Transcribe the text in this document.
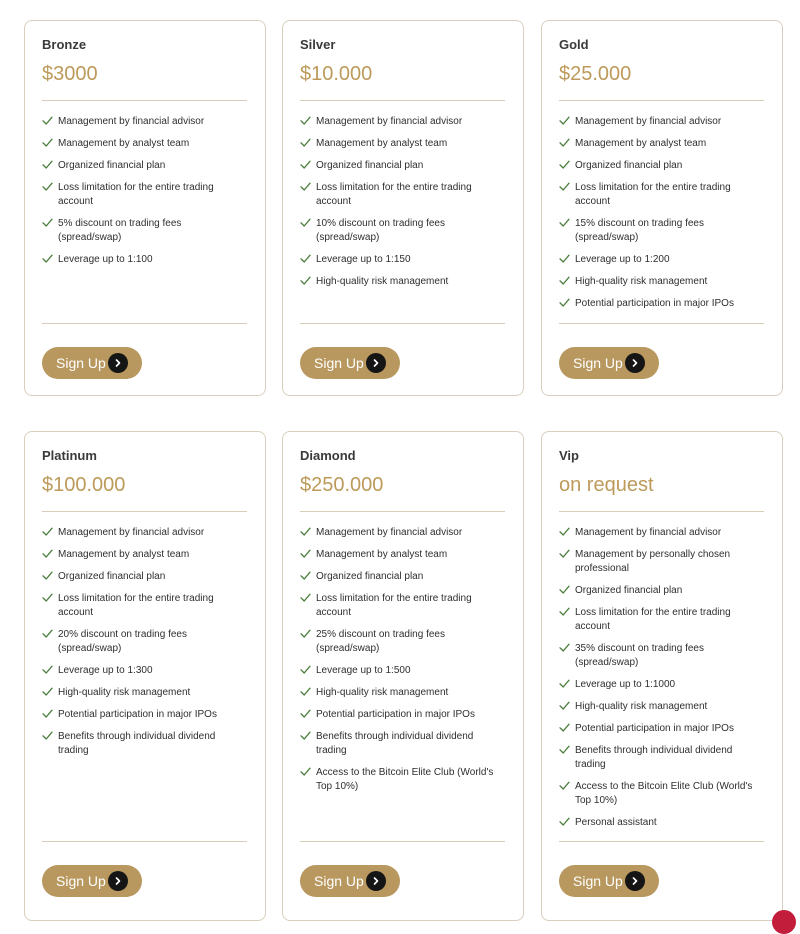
Bronze
$3000
Management by financial advisor
Management by analyst team
Organized financial plan
Loss limitation for the entire trading account
5% discount on trading fees (spread/swap)
Leverage up to 1:100
Sign Up
Silver
$10.000
Management by financial advisor
Management by analyst team
Organized financial plan
Loss limitation for the entire trading account
10% discount on trading fees (spread/swap)
Leverage up to 1:150
High-quality risk management
Sign Up
Gold
$25.000
Management by financial advisor
Management by analyst team
Organized financial plan
Loss limitation for the entire trading account
15% discount on trading fees (spread/swap)
Leverage up to 1:200
High-quality risk management
Potential participation in major IPOs
Sign Up
Platinum
$100.000
Management by financial advisor
Management by analyst team
Organized financial plan
Loss limitation for the entire trading account
20% discount on trading fees (spread/swap)
Leverage up to 1:300
High-quality risk management
Potential participation in major IPOs
Benefits through individual dividend trading
Sign Up
Diamond
$250.000
Management by financial advisor
Management by analyst team
Organized financial plan
Loss limitation for the entire trading account
25% discount on trading fees (spread/swap)
Leverage up to 1:500
High-quality risk management
Potential participation in major IPOs
Benefits through individual dividend trading
Access to the Bitcoin Elite Club (World's Top 10%)
Sign Up
Vip
on request
Management by financial advisor
Management by personally chosen professional
Organized financial plan
Loss limitation for the entire trading account
35% discount on trading fees (spread/swap)
Leverage up to 1:1000
High-quality risk management
Potential participation in major IPOs
Benefits through individual dividend trading
Access to the Bitcoin Elite Club (World's Top 10%)
Personal assistant
Sign Up
